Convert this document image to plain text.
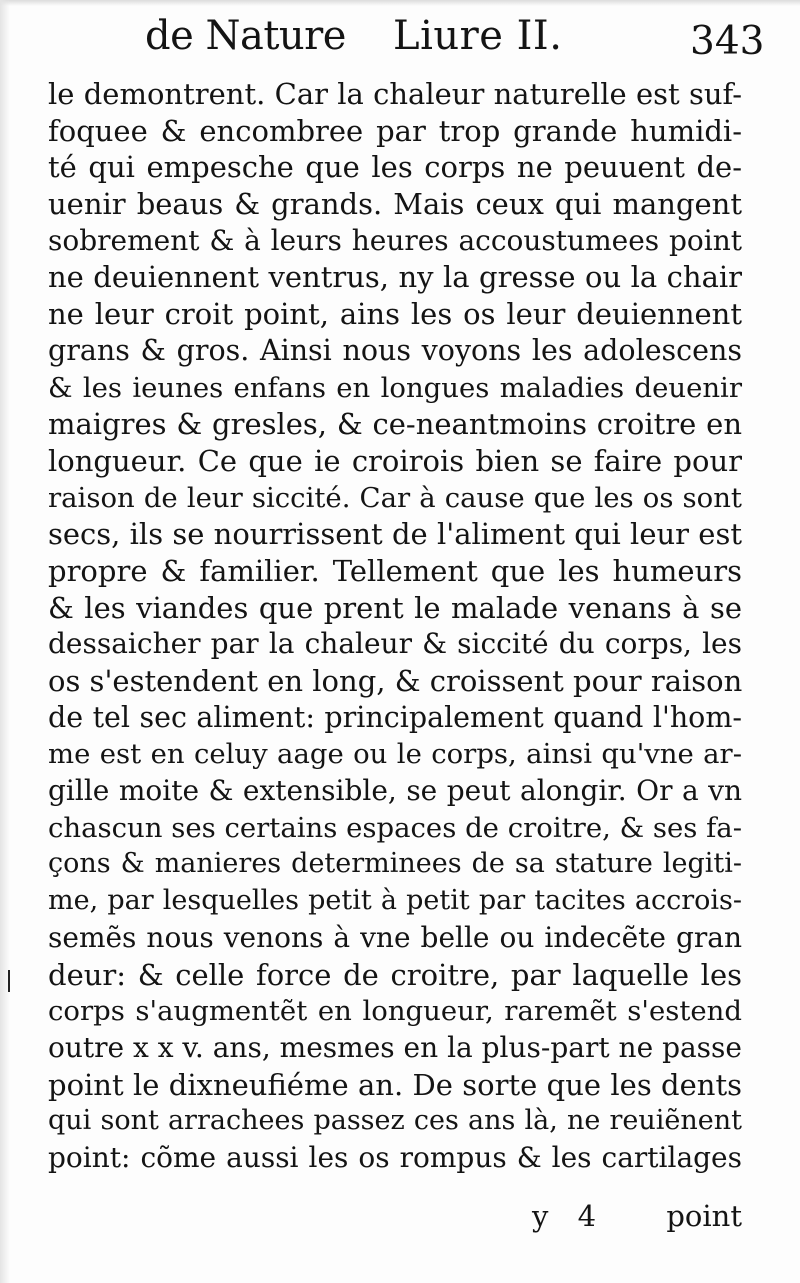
de Nature Liure II.	343
le demontrent. Car la chaleur naturelle est suf-
foquee & encombree par trop grande humidi-
té qui empesche que les corps ne peuuent de-
uenir beaus & grands. Mais ceux qui mangent
sobrement & à leurs heures accoustumees point
ne deuiennent ventrus, ny la gresse ou la chair
ne leur croit point, ains les os leur deuiennent
grans & gros. Ainsi nous voyons les adolescens
& les ieunes enfans en longues maladies deuenir
maigres & gresles, & ce-neantmoins croitre en
longueur. Ce que ie croirois bien se faire pour
raison de leur siccité. Car à cause que les os sont
secs, ils se nourrissent de l'aliment qui leur est
propre & familier. Tellement que les humeurs
& les viandes que prent le malade venans à se
dessaicher par la chaleur & siccité du corps, les
os s'estendent en long, & croissent pour raison
de tel sec aliment: principalement quand l'hom-
me est en celuy aage ou le corps, ainsi qu'vne ar-
gille moite & extensible, se peut alongir. Or a vn
chascun ses certains espaces de croitre, & ses fa-
çons & manieres determinees de sa stature legiti-
me, par lesquelles petit à petit par tacites accrois-
semẽs nous venons à vne belle ou indecẽte gran
deur: & celle force de croitre, par laquelle les
corps s'augmentẽt en longueur, raremẽt s'estend
outre x x v. ans, mesmes en la plus-part ne passe
point le dixneufiéme an. De sorte que les dents
qui sont arrachees passez ces ans là, ne reuiẽnent
point: cõme aussi les os rompus & les cartilages
y 4	point
